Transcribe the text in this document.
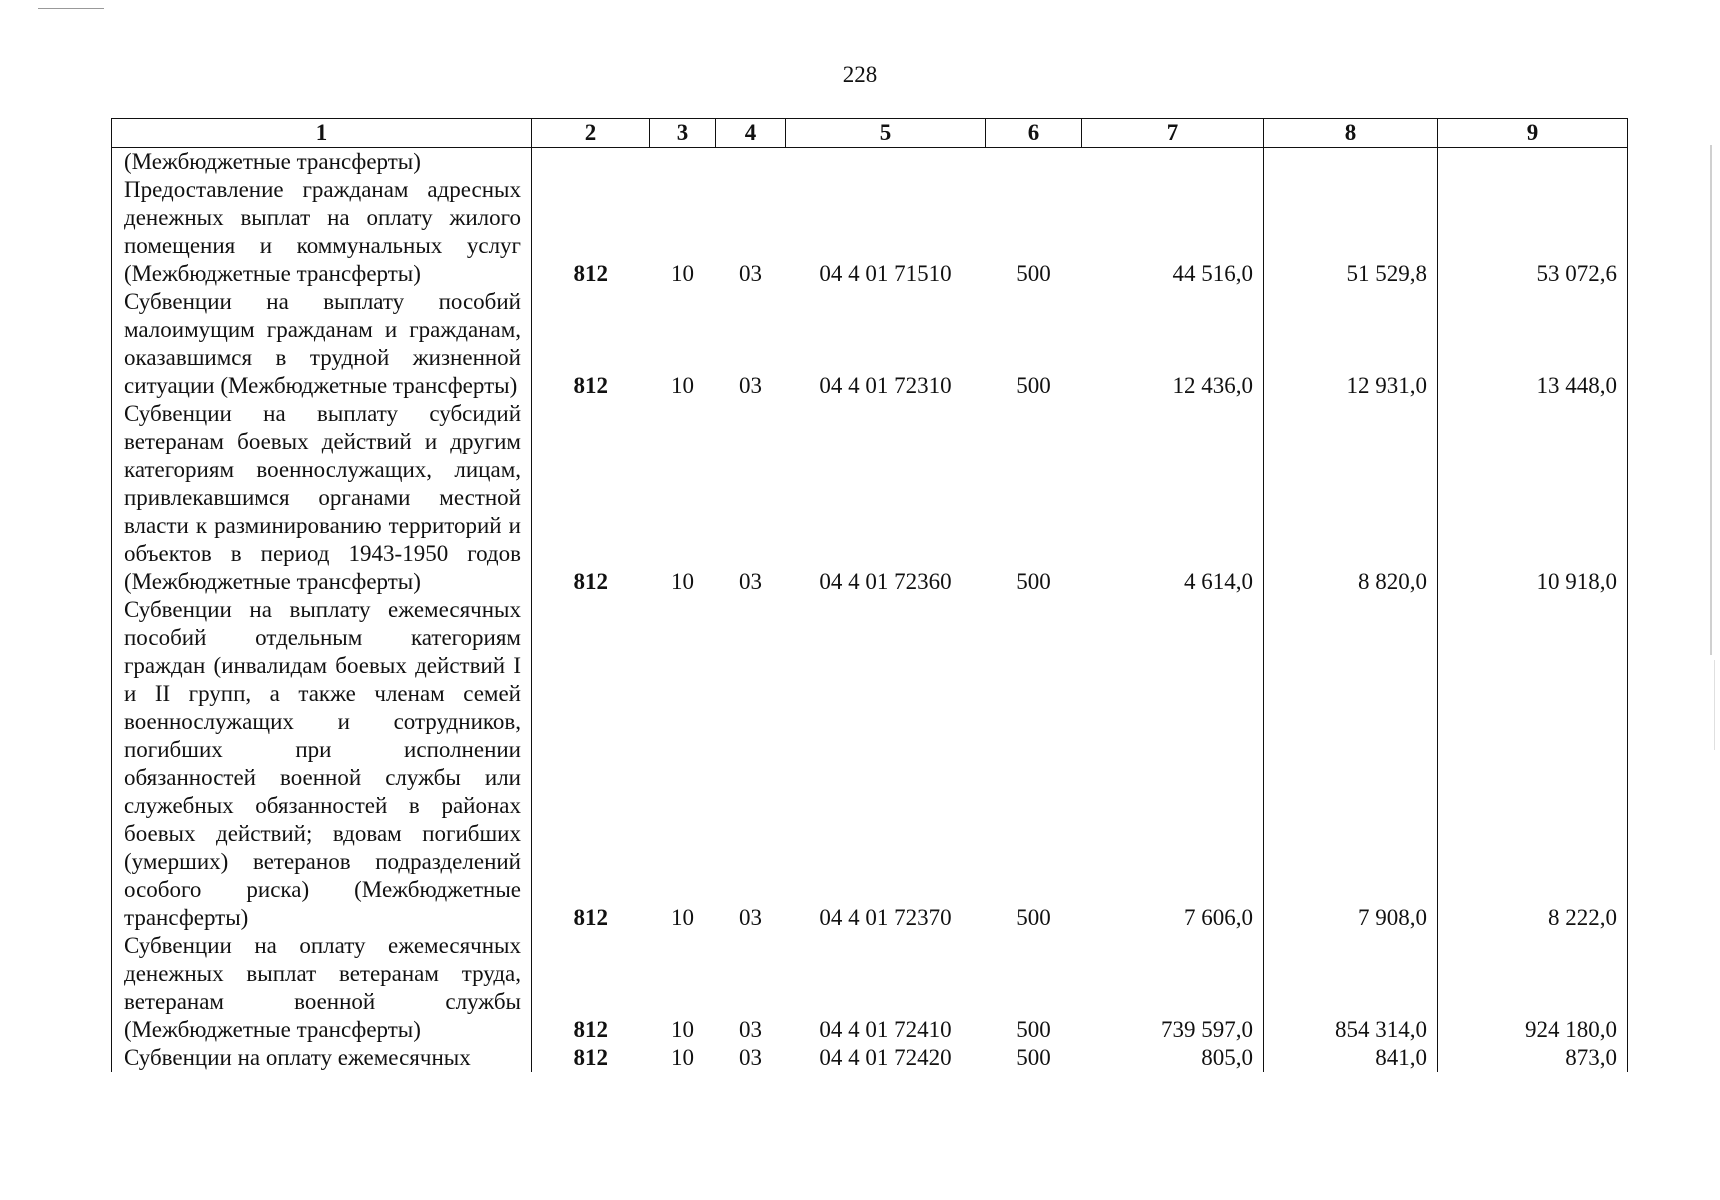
228
1	2	3	4	5	6	7	8	9
(Межбюджетные трансферты)								
Предоставление гражданам адресных денежных выплат на оплату жилого помещения и коммунальных услуг (Межбюджетные трансферты)	812	10	03	04 4 01 71510	500	44 516,0	51 529,8	53 072,6
Субвенции на выплату пособий малоимущим гражданам и гражданам, оказавшимся в трудной жизненной ситуации (Межбюджетные трансферты)	812	10	03	04 4 01 72310	500	12 436,0	12 931,0	13 448,0
Субвенции на выплату субсидий ветеранам боевых действий и другим категориям военнослужащих, лицам, привлекавшимся органами местной власти к разминированию территорий и объектов в период 1943-1950 годов (Межбюджетные трансферты)	812	10	03	04 4 01 72360	500	4 614,0	8 820,0	10 918,0
Субвенции на выплату ежемесячных пособий отдельным категориям граждан (инвалидам боевых действий I и II групп, а также членам семей военнослужащих и сотрудников, погибших при исполнении обязанностей военной службы или служебных обязанностей в районах боевых действий; вдовам погибших (умерших) ветеранов подразделений особого риска) (Межбюджетные трансферты)	812	10	03	04 4 01 72370	500	7 606,0	7 908,0	8 222,0
Субвенции на оплату ежемесячных денежных выплат ветеранам труда, ветеранам военной службы (Межбюджетные трансферты)	812	10	03	04 4 01 72410	500	739 597,0	854 314,0	924 180,0
Субвенции на оплату ежемесячных	812	10	03	04 4 01 72420	500	805,0	841,0	873,0
